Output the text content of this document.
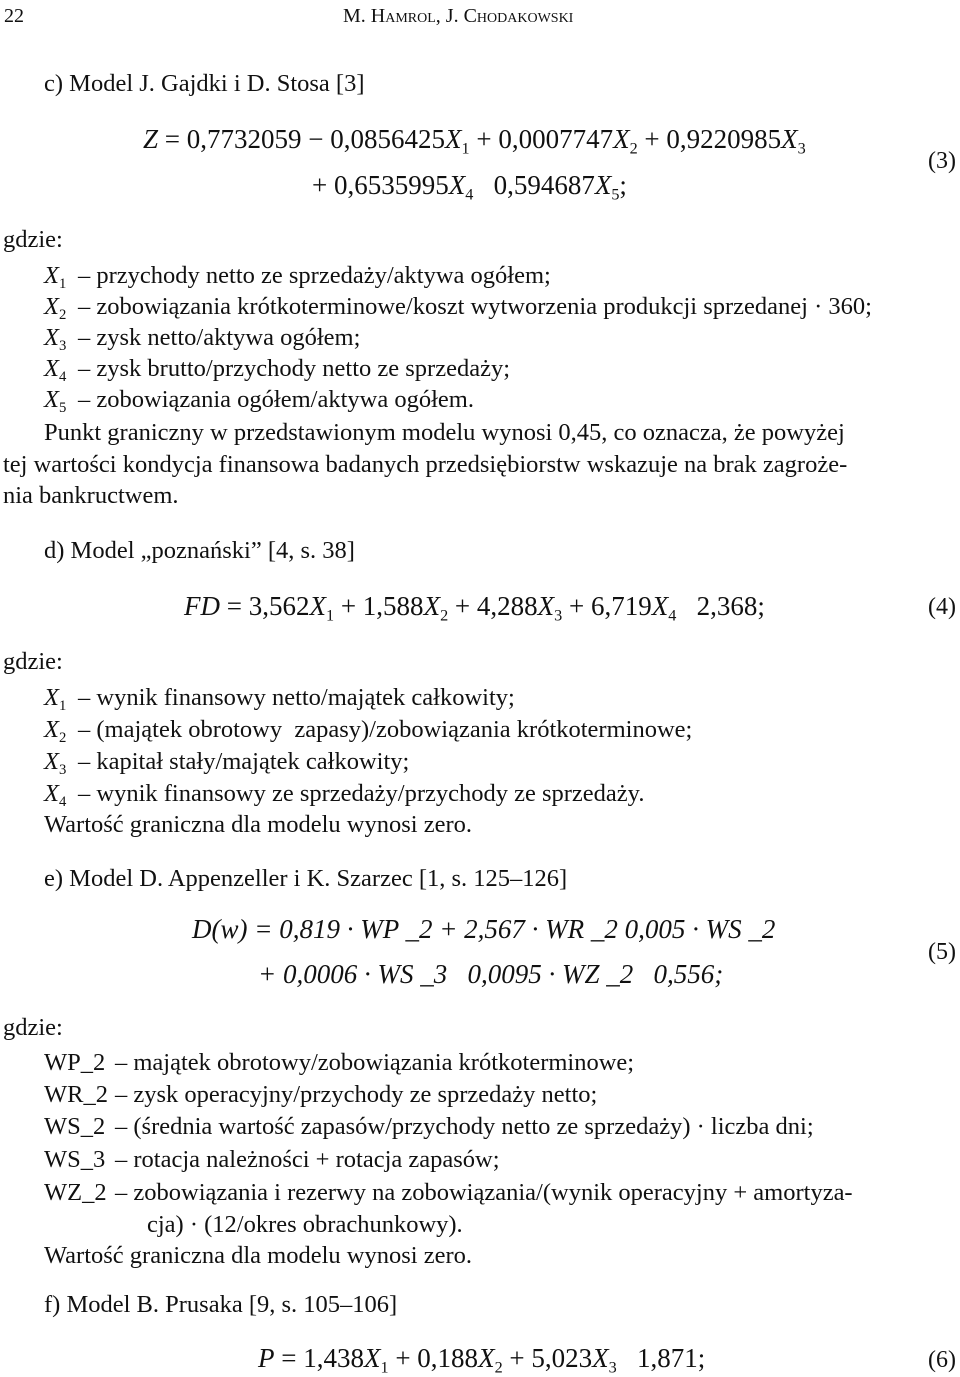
22	M. Hamrol, J. Chodakowski
c) Model J. Gajdki i D. Stosa [3]
$Z = 0,7732059 - 0,0856425X_1 + 0,0007747X_2 + 0,9220985X_3$
+ $0,6535995X_4$   $0,594687X_5$;
(3)
gdzie:
$X_1$ – przychody netto ze sprzedaży/aktywa ogółem;
$X_2$ – zobowiązania krótkoterminowe/koszt wytworzenia produkcji sprzedanej · 360;
$X_3$ – zysk netto/aktywa ogółem;
$X_4$ – zysk brutto/przychody netto ze sprzedaży;
$X_5$ – zobowiązania ogółem/aktywa ogółem.
Punkt graniczny w przedstawionym modelu wynosi 0,45, co oznacza, że powyżej
tej wartości kondycja finansowa badanych przedsiębiorstw wskazuje na brak zagroże-
nia bankructwem.
d) Model „poznański” [4, s. 38]
FD = $3,562X_1 + 1,588X_2 + 4,288X_3 + 6,719X_4$   2,368;	(4)
gdzie:
$X_1$ – wynik finansowy netto/majątek całkowity;
$X_2$ – (majątek obrotowy  zapasy)/zobowiązania krótkoterminowe;
$X_3$ – kapitał stały/majątek całkowity;
$X_4$ – wynik finansowy ze sprzedaży/przychody ze sprzedaży.
Wartość graniczna dla modelu wynosi zero.
e) Model D. Appenzeller i K. Szarzec [1, s. 125–126]
D(w) = 0,819 · WP _2 + 2,567 · WR _2 0,005 · WS _2
+ 0,0006 · WS _3   0,0095 · WZ _2   0,556;
(5)
gdzie:
WP_2 – majątek obrotowy/zobowiązania krótkoterminowe;
WR_2 – zysk operacyjny/przychody ze sprzedaży netto;
WS_2 – (średnia wartość zapasów/przychody netto ze sprzedaży) · liczba dni;
WS_3 – rotacja należności + rotacja zapasów;
WZ_2 – zobowiązania i rezerwy na zobowiązania/(wynik operacyjny + amortyza-
cja) · (12/okres obrachunkowy).
Wartość graniczna dla modelu wynosi zero.
f) Model B. Prusaka [9, s. 105–106]
$P = 1,438X_1 + 0,188X_2 + 5,023X_3$   1,871;	(6)
